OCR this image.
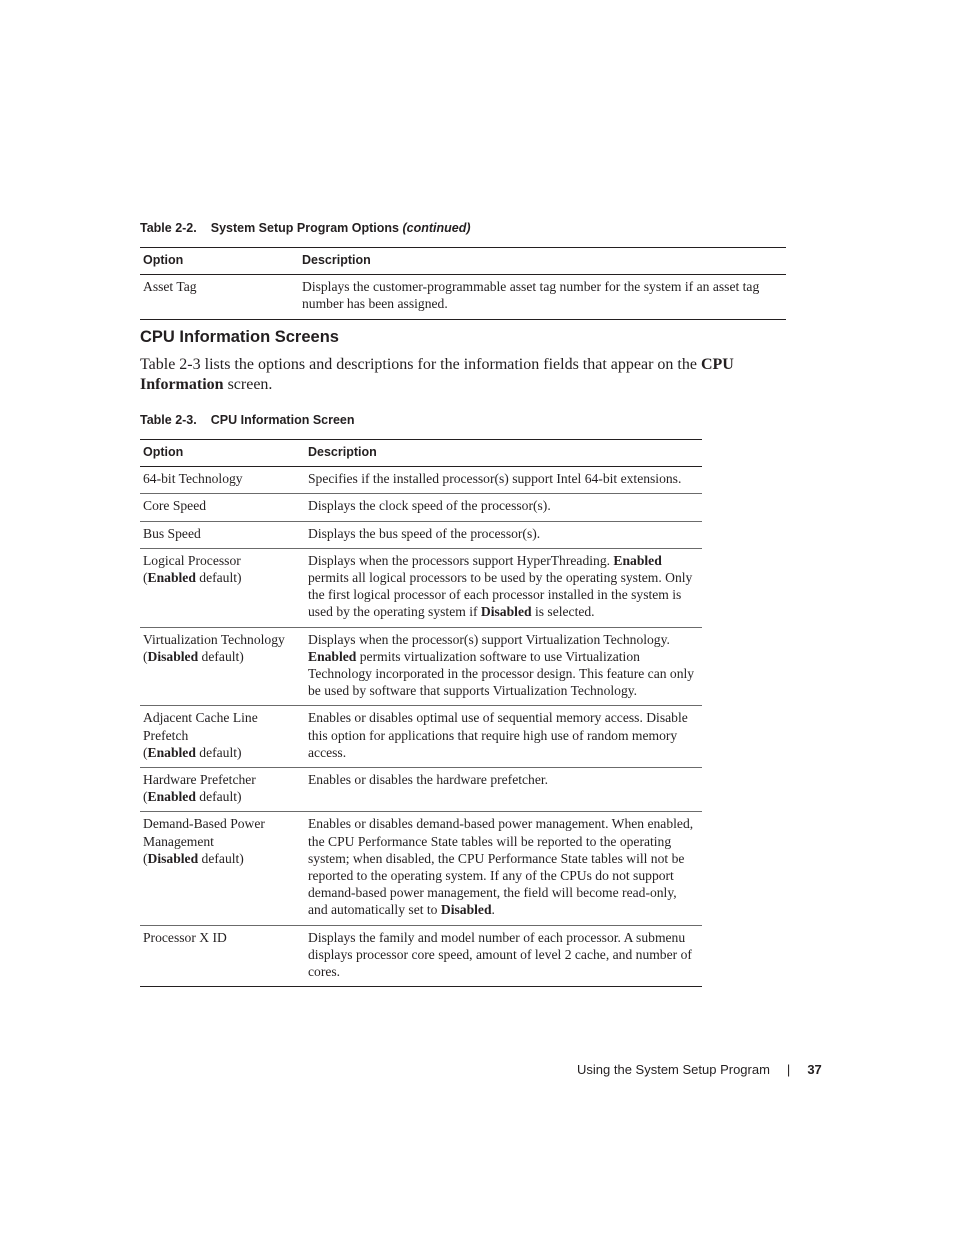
Table 2-2. System Setup Program Options (continued)
Option	Description
Asset Tag	Displays the customer-programmable asset tag number for the system if an asset tag number has been assigned.
CPU Information Screens
Table 2-3 lists the options and descriptions for the information fields that appear on the CPU Information screen.
Table 2-3. CPU Information Screen
Option	Description
64-bit Technology	Specifies if the installed processor(s) support Intel 64-bit extensions.
Core Speed	Displays the clock speed of the processor(s).
Bus Speed	Displays the bus speed of the processor(s).
Logical Processor
(Enabled default)	Displays when the processors support HyperThreading. Enabled permits all logical processors to be used by the operating system. Only the first logical processor of each processor installed in the system is used by the operating system if Disabled is selected.
Virtualization Technology
(Disabled default)	Displays when the processor(s) support Virtualization Technology. Enabled permits virtualization software to use Virtualization Technology incorporated in the processor design. This feature can only be used by software that supports Virtualization Technology.
Adjacent Cache Line Prefetch
(Enabled default)	Enables or disables optimal use of sequential memory access. Disable this option for applications that require high use of random memory access.
Hardware Prefetcher
(Enabled default)	Enables or disables the hardware prefetcher.
Demand-Based Power Management
(Disabled default)	Enables or disables demand-based power management. When enabled, the CPU Performance State tables will be reported to the operating system; when disabled, the CPU Performance State tables will not be reported to the operating system. If any of the CPUs do not support demand-based power management, the field will become read-only, and automatically set to Disabled.
Processor X ID	Displays the family and model number of each processor. A submenu displays processor core speed, amount of level 2 cache, and number of cores.
Using the System Setup Program | 37
